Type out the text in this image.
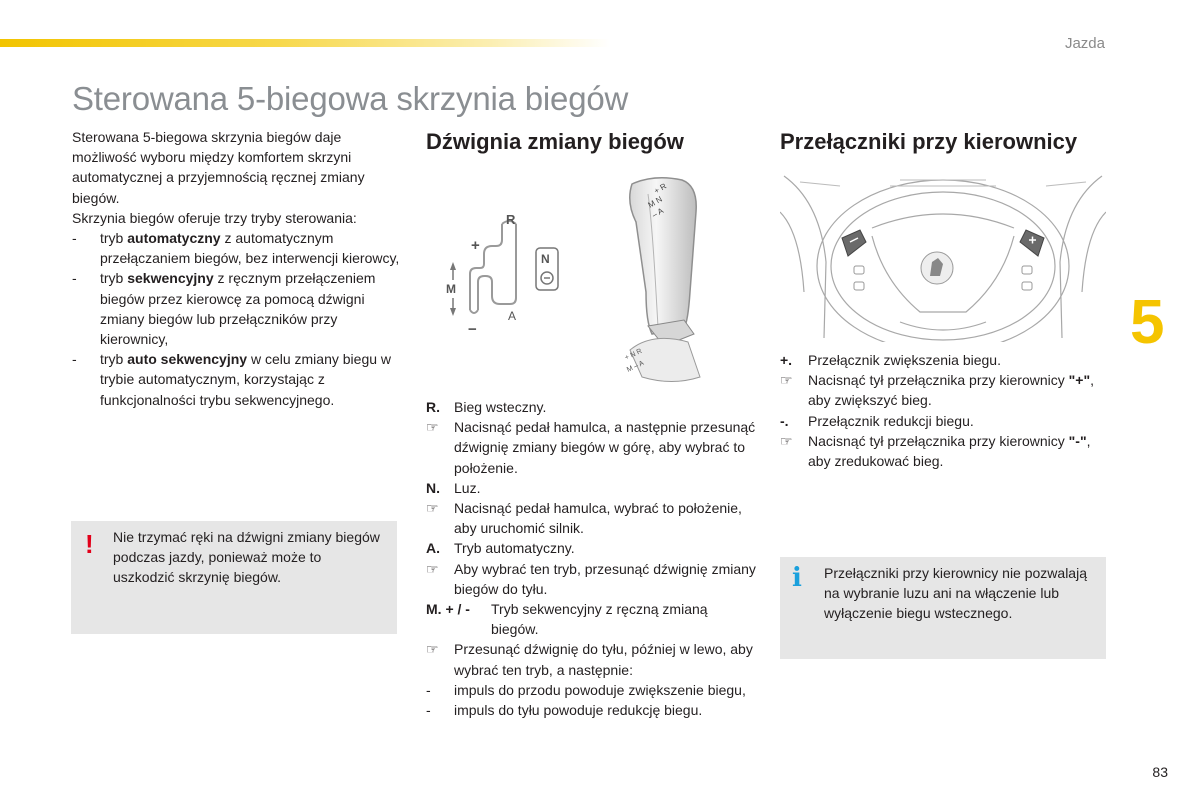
Jazda
Sterowana 5-biegowa skrzynia biegów
5
83

Sterowana 5-biegowa skrzynia biegów daje możliwość wyboru między komfortem skrzyni automatycznej a przyjemnością ręcznej zmiany biegów.

Skrzynia biegów oferuje trzy tryby sterowania:

- tryb automatyczny z automatycznym przełączaniem biegów, bez interwencji kierowcy,
- tryb sekwencyjny z ręcznym przełączeniem biegów przez kierowcę za pomocą dźwigni zmiany biegów lub przełączników przy kierownicy,
- tryb auto sekwencyjny w celu zmiany biegu w trybie automatycznym, korzystając z funkcjonalności trybu sekwencyjnego.
! Nie trzymać ręki na dźwigni zmiany biegów podczas jazdy, ponieważ może to uszkodzić skrzynię biegów.
Dźwignia zmiany biegów
R
+
M
−
A
N
+ R
M N
– A
+ N R
M – A
R. Bieg wsteczny.
☞ Nacisnąć pedał hamulca, a następnie przesunąć dźwignię zmiany biegów w górę, aby wybrać to położenie.
N. Luz.
☞ Nacisnąć pedał hamulca, wybrać to położenie, aby uruchomić silnik.
A. Tryb automatyczny.
☞ Aby wybrać ten tryb, przesunąć dźwignię zmiany biegów do tyłu.
M. + / - Tryb sekwencyjny z ręczną zmianą biegów.
☞ Przesunąć dźwignię do tyłu, później w lewo, aby wybrać ten tryb, a następnie:
- impuls do przodu powoduje zwiększenie biegu,
- impuls do tyłu powoduje redukcję biegu.
Przełączniki przy kierownicy
+. Przełącznik zwiększenia biegu.
☞ Nacisnąć tył przełącznika przy kierownicy "+", aby zwiększyć bieg.
-. Przełącznik redukcji biegu.
☞ Nacisnąć tył przełącznika przy kierownicy "-", aby zredukować bieg.
i Przełączniki przy kierownicy nie pozwalają na wybranie luzu ani na włączenie lub wyłączenie biegu wstecznego.
